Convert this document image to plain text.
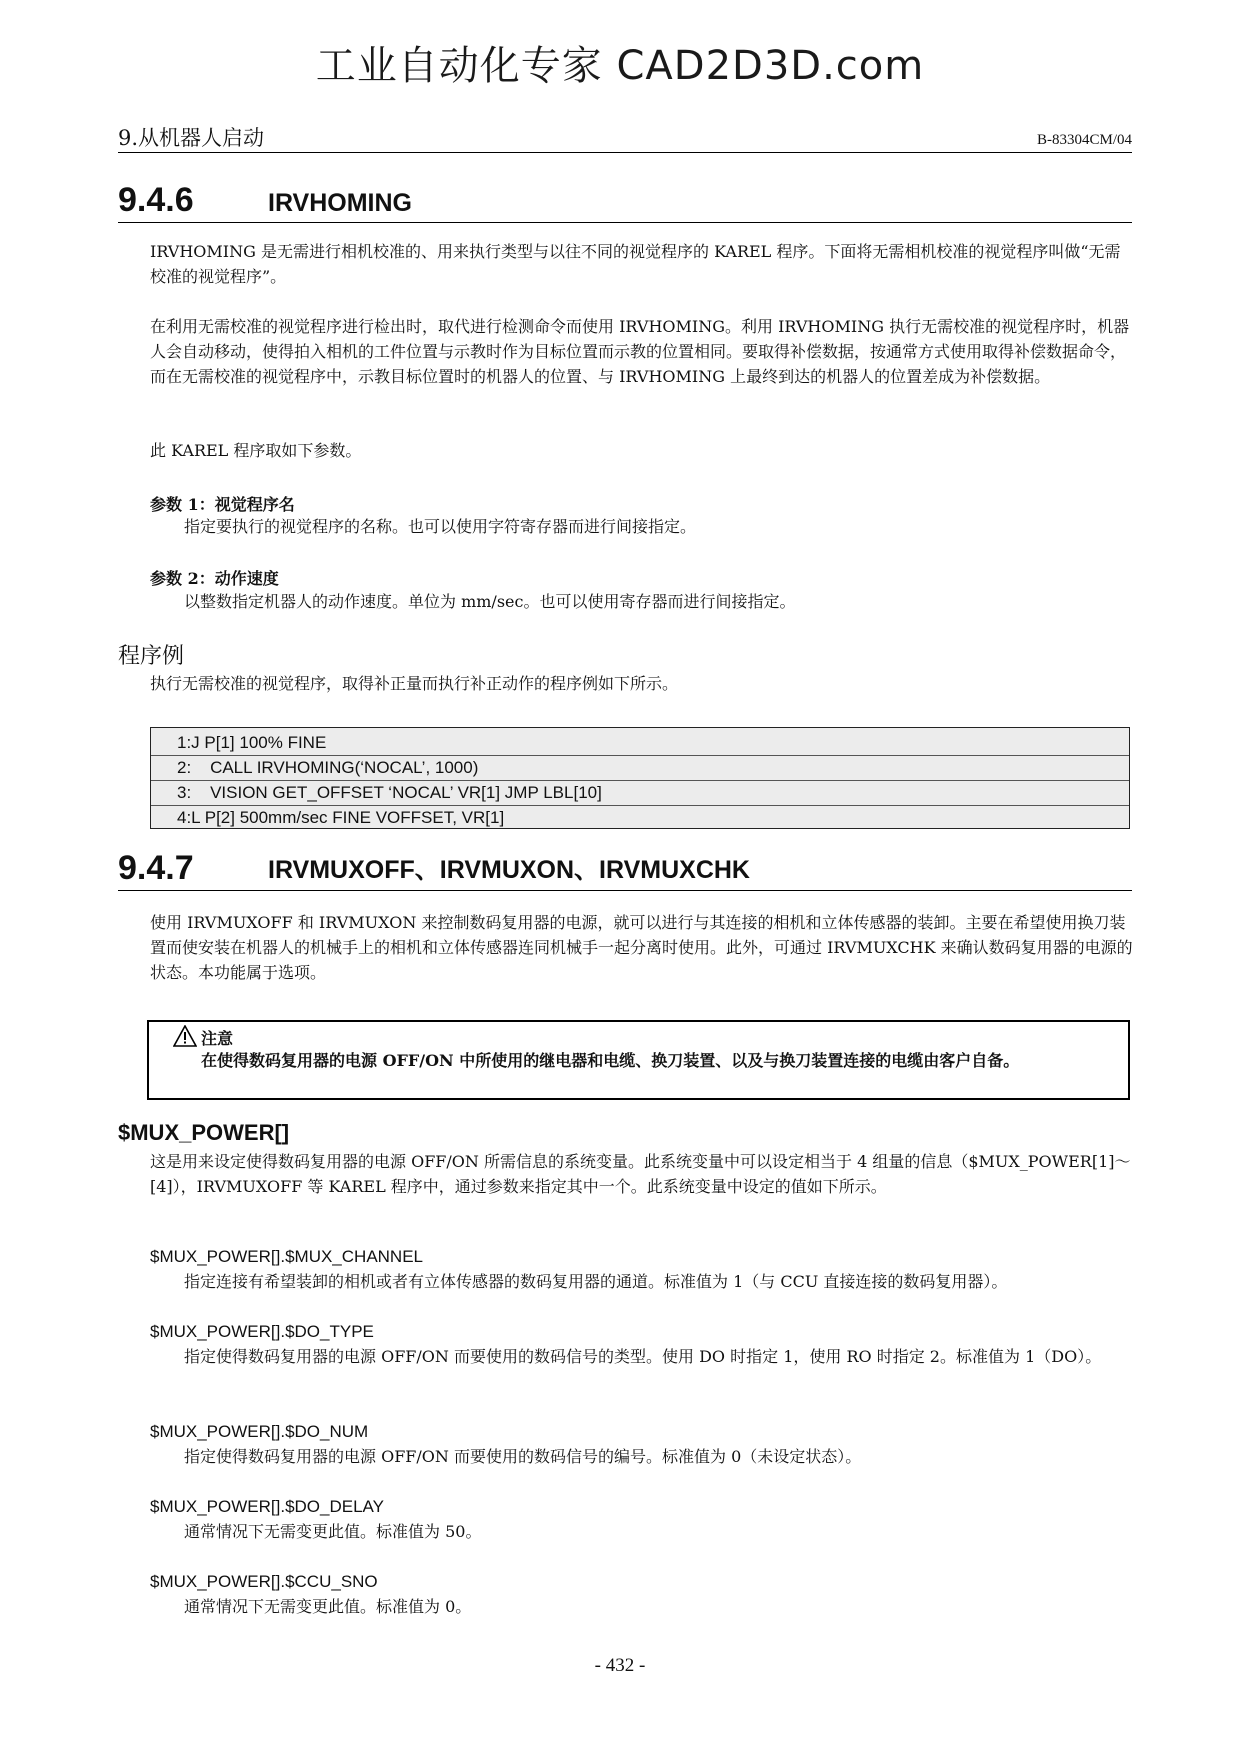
工业自动化专家 CAD2D3D.com
9.从机器人启动	B-83304CM/04
9.4.6	IRVHOMING

IRVHOMING 是无需进行相机校准的、用来执行类型与以往不同的视觉程序的 KAREL 程序。下面将无需相机校准的视觉程序叫做“无需校准的视觉程序”。

在利用无需校准的视觉程序进行检出时，取代进行检测命令而使用 IRVHOMING。利用 IRVHOMING 执行无需校准的视觉程序时，机器人会自动移动，使得拍入相机的工件位置与示教时作为目标位置而示教的位置相同。要取得补偿数据，按通常方式使用取得补偿数据命令，而在无需校准的视觉程序中，示教目标位置时的机器人的位置、与 IRVHOMING 上最终到达的机器人的位置差成为补偿数据。

此 KAREL 程序取如下参数。

参数 1：视觉程序名

指定要执行的视觉程序的名称。也可以使用字符寄存器而进行间接指定。

参数 2：动作速度

以整数指定机器人的动作速度。单位为 mm/sec。也可以使用寄存器而进行间接指定。

程序例

执行无需校准的视觉程序，取得补正量而执行补正动作的程序例如下所示。

1:J P[1] 100% FINE
2:    CALL IRVHOMING(‘NOCAL’, 1000)
3:    VISION GET_OFFSET ‘NOCAL’ VR[1] JMP LBL[10]
4:L P[2] 500mm/sec FINE VOFFSET, VR[1]
9.4.7	IRVMUXOFF、IRVMUXON、IRVMUXCHK

使用 IRVMUXOFF 和 IRVMUXON 来控制数码复用器的电源，就可以进行与其连接的相机和立体传感器的装卸。主要在希望使用换刀装置而使安装在机器人的机械手上的相机和立体传感器连同机械手一起分离时使用。此外，可通过 IRVMUXCHK 来确认数码复用器的电源的状态。本功能属于选项。

注意

在使得数码复用器的电源 OFF/ON 中所使用的继电器和电缆、换刀装置、以及与换刀装置连接的电缆由客户自备。

$MUX_POWER[]

这是用来设定使得数码复用器的电源 OFF/ON 所需信息的系统变量。此系统变量中可以设定相当于 4 组量的信息（$MUX_POWER[1]～[4]），IRVMUXOFF 等 KAREL 程序中，通过参数来指定其中一个。此系统变量中设定的值如下所示。

$MUX_POWER[].$MUX_CHANNEL

指定连接有希望装卸的相机或者有立体传感器的数码复用器的通道。标准值为 1（与 CCU 直接连接的数码复用器）。

$MUX_POWER[].$DO_TYPE

指定使得数码复用器的电源 OFF/ON 而要使用的数码信号的类型。使用 DO 时指定 1，使用 RO 时指定 2。标准值为 1（DO）。

$MUX_POWER[].$DO_NUM

指定使得数码复用器的电源 OFF/ON 而要使用的数码信号的编号。标准值为 0（未设定状态）。

$MUX_POWER[].$DO_DELAY

通常情况下无需变更此值。标准值为 50。

$MUX_POWER[].$CCU_SNO

通常情况下无需变更此值。标准值为 0。

- 432 -
